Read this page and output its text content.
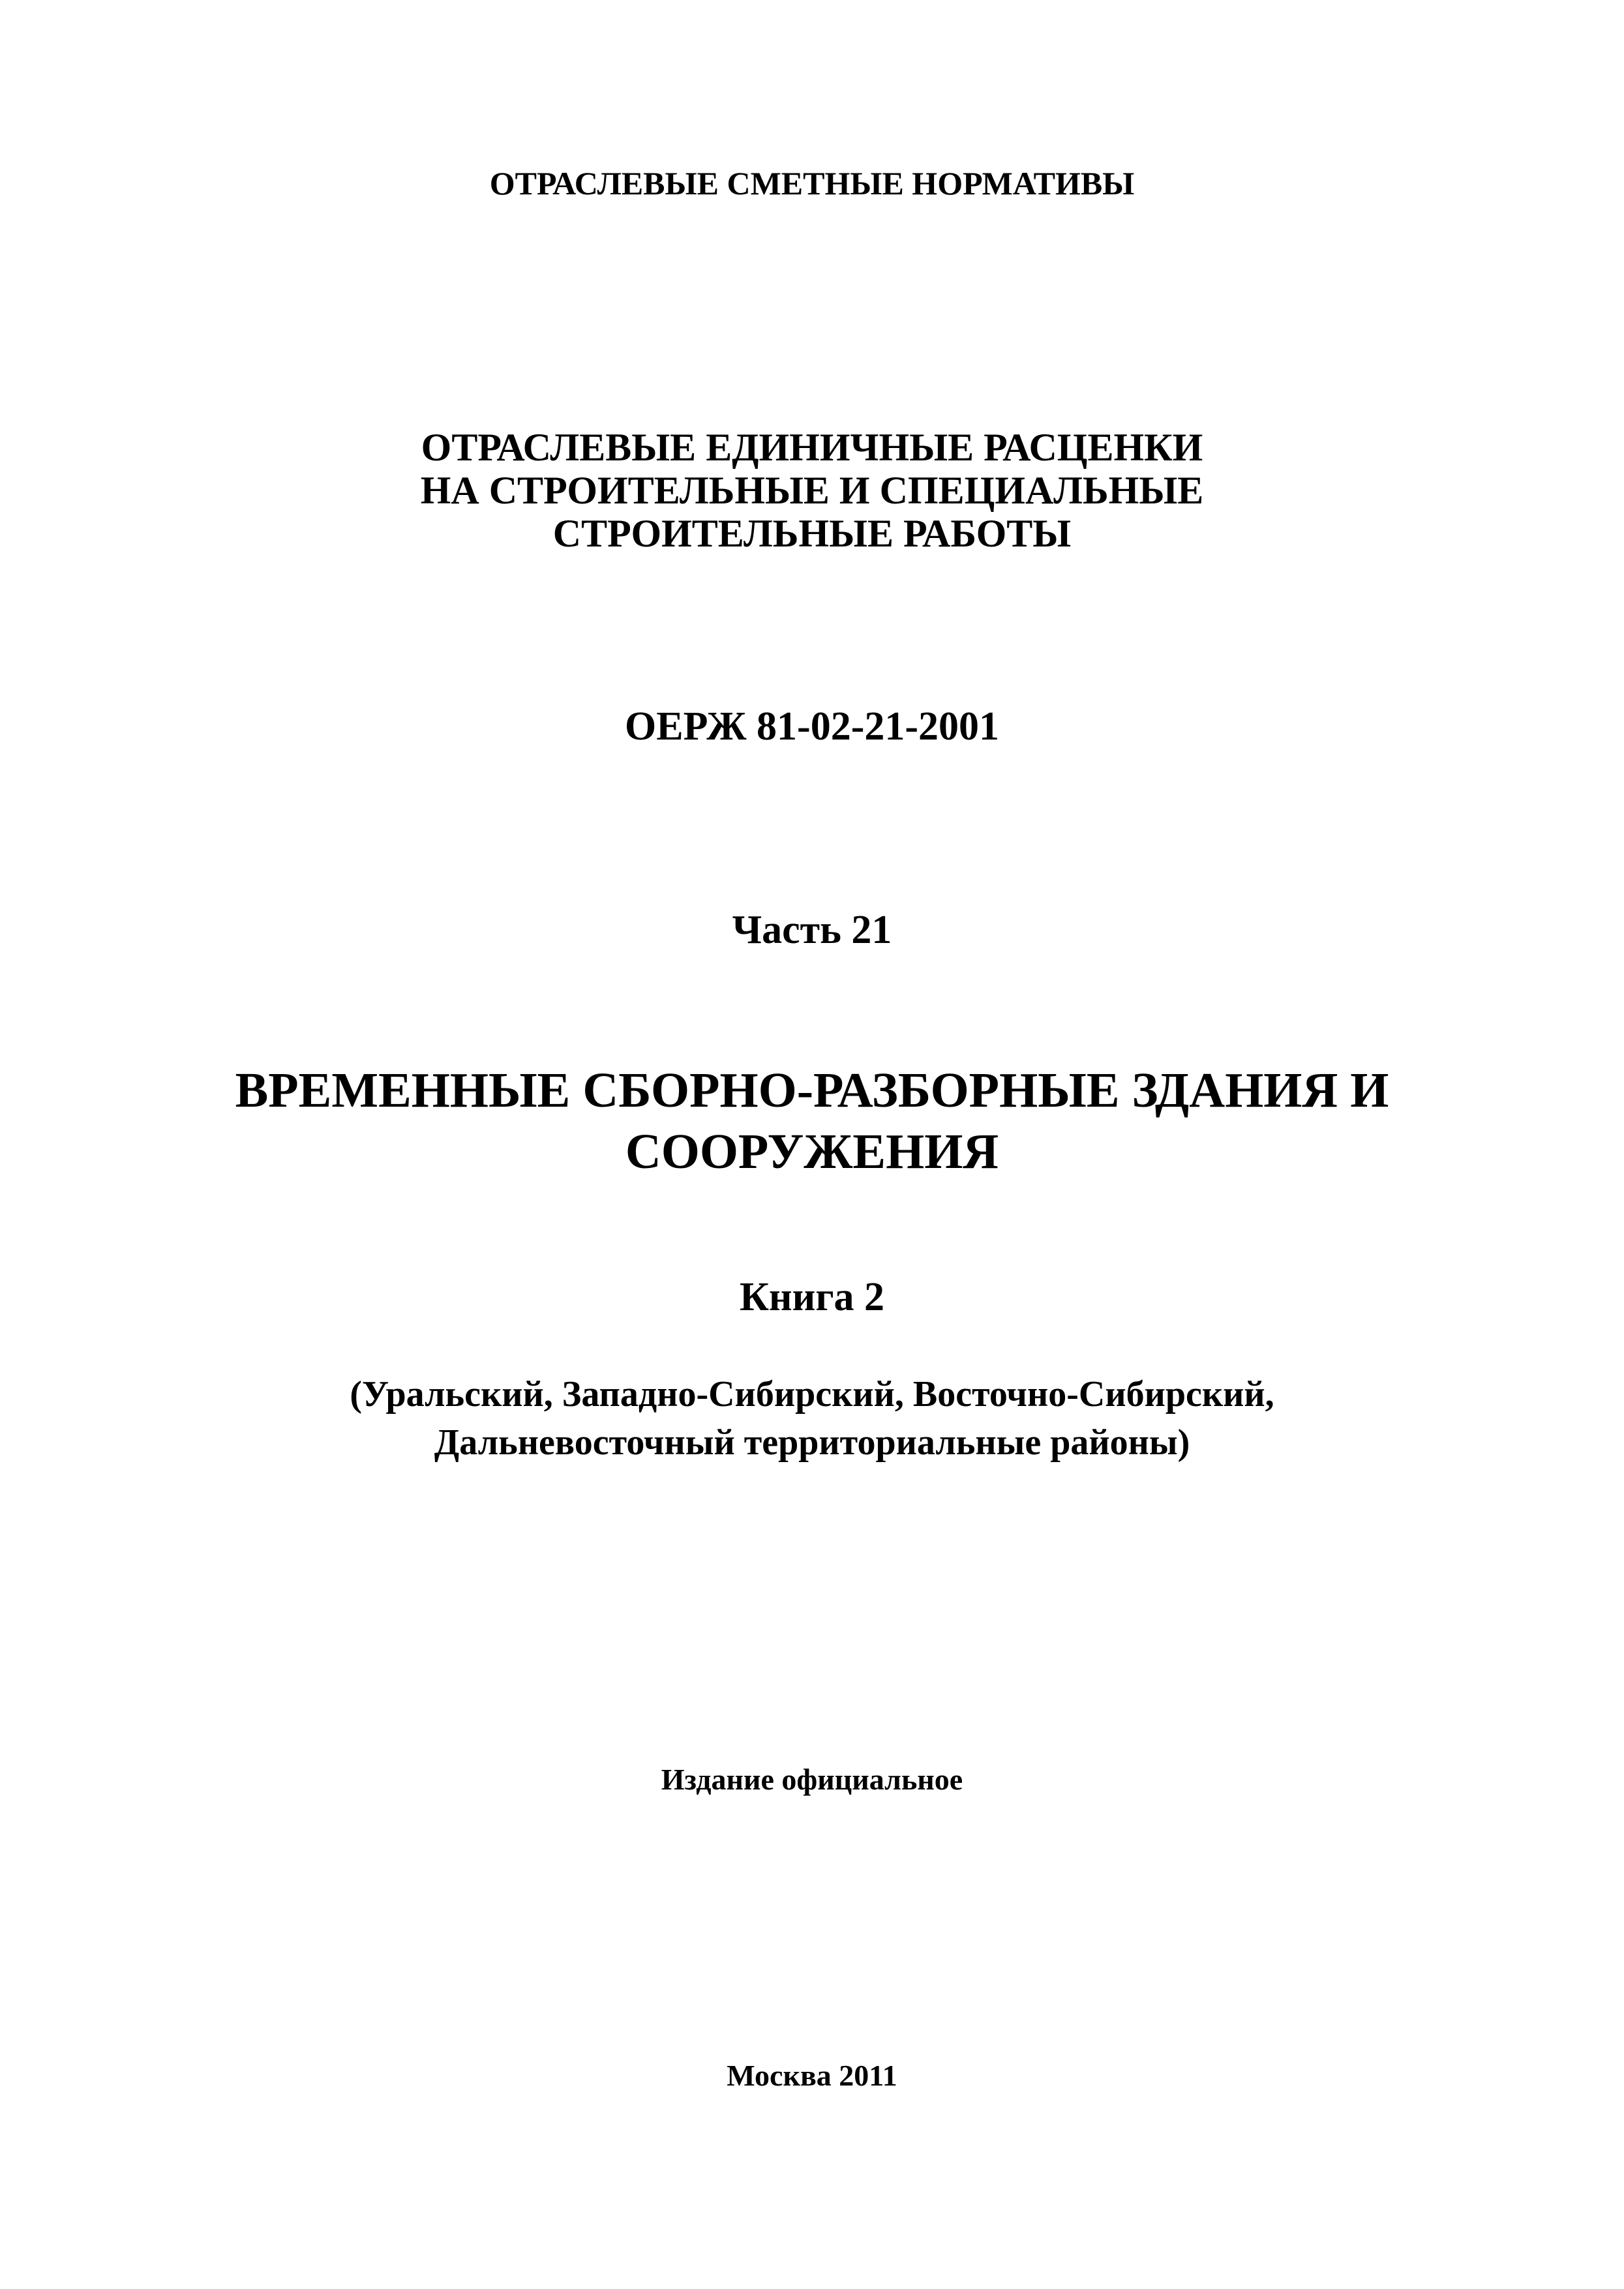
ОТРАСЛЕВЫЕ СМЕТНЫЕ НОРМАТИВЫ
ОТРАСЛЕВЫЕ ЕДИНИЧНЫЕ РАСЦЕНКИ
НА СТРОИТЕЛЬНЫЕ И СПЕЦИАЛЬНЫЕ
СТРОИТЕЛЬНЫЕ РАБОТЫ
ОЕРЖ 81-02-21-2001
Часть 21
ВРЕМЕННЫЕ СБОРНО-РАЗБОРНЫЕ ЗДАНИЯ И
СООРУЖЕНИЯ
Книга 2
(Уральский, Западно-Сибирский, Восточно-Сибирский,
Дальневосточный территориальные районы)
Издание официальное
Москва 2011
